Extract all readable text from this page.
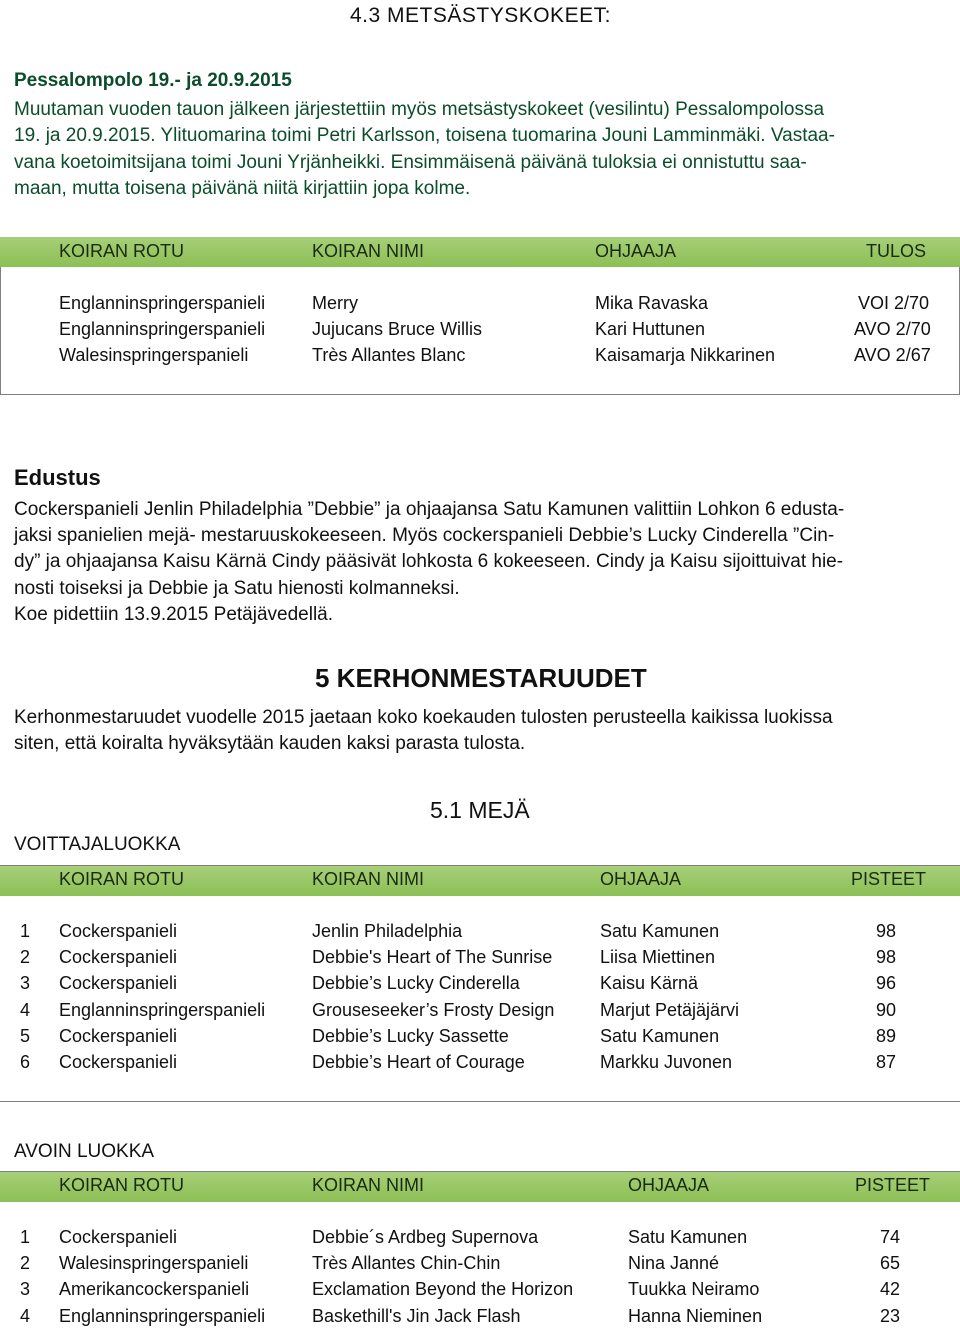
4.3 METSÄSTYSKOKEET:
Pessalompolo 19.- ja 20.9.2015
Muutaman vuoden tauon jälkeen järjestettiin myös metsästyskokeet (vesilintu) Pessalompolossa
19. ja 20.9.2015. Ylituomarina toimi Petri Karlsson, toisena tuomarina Jouni Lamminmäki. Vastaa-
vana koetoimitsijana toimi Jouni Yrjänheikki. Ensimmäisenä päivänä tuloksia ei onnistuttu saa-
maan, mutta toisena päivänä niitä kirjattiin jopa kolme.
KOIRAN ROTU	KOIRAN NIMI	OHJAAJA	TULOS
Englanninspringerspanieli	Merry	Mika Ravaska	VOI 2/70
Englanninspringerspanieli	Jujucans Bruce Willis	Kari Huttunen	AVO 2/70
Walesinspringerspanieli	Très Allantes Blanc	Kaisamarja Nikkarinen	AVO 2/67
Edustus
Cockerspanieli Jenlin Philadelphia ”Debbie” ja ohjaajansa Satu Kamunen valittiin Lohkon 6 edusta-
jaksi spanielien mejä- mestaruuskokeeseen. Myös cockerspanieli Debbie’s Lucky Cinderella ”Cin-
dy” ja ohjaajansa Kaisu Kärnä Cindy pääsivät lohkosta 6 kokeeseen. Cindy ja Kaisu sijoittuivat hie-
nosti toiseksi ja Debbie ja Satu hienosti kolmanneksi.
Koe pidettiin 13.9.2015 Petäjävedellä.
5 KERHONMESTARUUDET
Kerhonmestaruudet vuodelle 2015 jaetaan koko koekauden tulosten perusteella kaikissa luokissa
siten, että koiralta hyväksytään kauden kaksi parasta tulosta.
5.1 MEJÄ
VOITTAJALUOKKA
KOIRAN ROTU	KOIRAN NIMI	OHJAAJA	PISTEET
1 Cockerspanieli	Jenlin Philadelphia	Satu Kamunen	98
2 Cockerspanieli	Debbie's Heart of The Sunrise	Liisa Miettinen	98
3 Cockerspanieli	Debbie’s Lucky Cinderella	Kaisu Kärnä	96
4 Englanninspringerspanieli	Grouseseeker’s Frosty Design	Marjut Petäjäjärvi	90
5 Cockerspanieli	Debbie’s Lucky Sassette	Satu Kamunen	89
6 Cockerspanieli	Debbie’s Heart of Courage	Markku Juvonen	87
AVOIN LUOKKA
KOIRAN ROTU	KOIRAN NIMI	OHJAAJA	PISTEET
1 Cockerspanieli	Debbie´s Ardbeg Supernova	Satu Kamunen	74
2 Walesinspringerspanieli	Très Allantes Chin-Chin	Nina Janné	65
3 Amerikancockerspanieli	Exclamation Beyond the Horizon	Tuukka Neiramo	42
4 Englanninspringerspanieli	Baskethill's Jin Jack Flash	Hanna Nieminen	23
